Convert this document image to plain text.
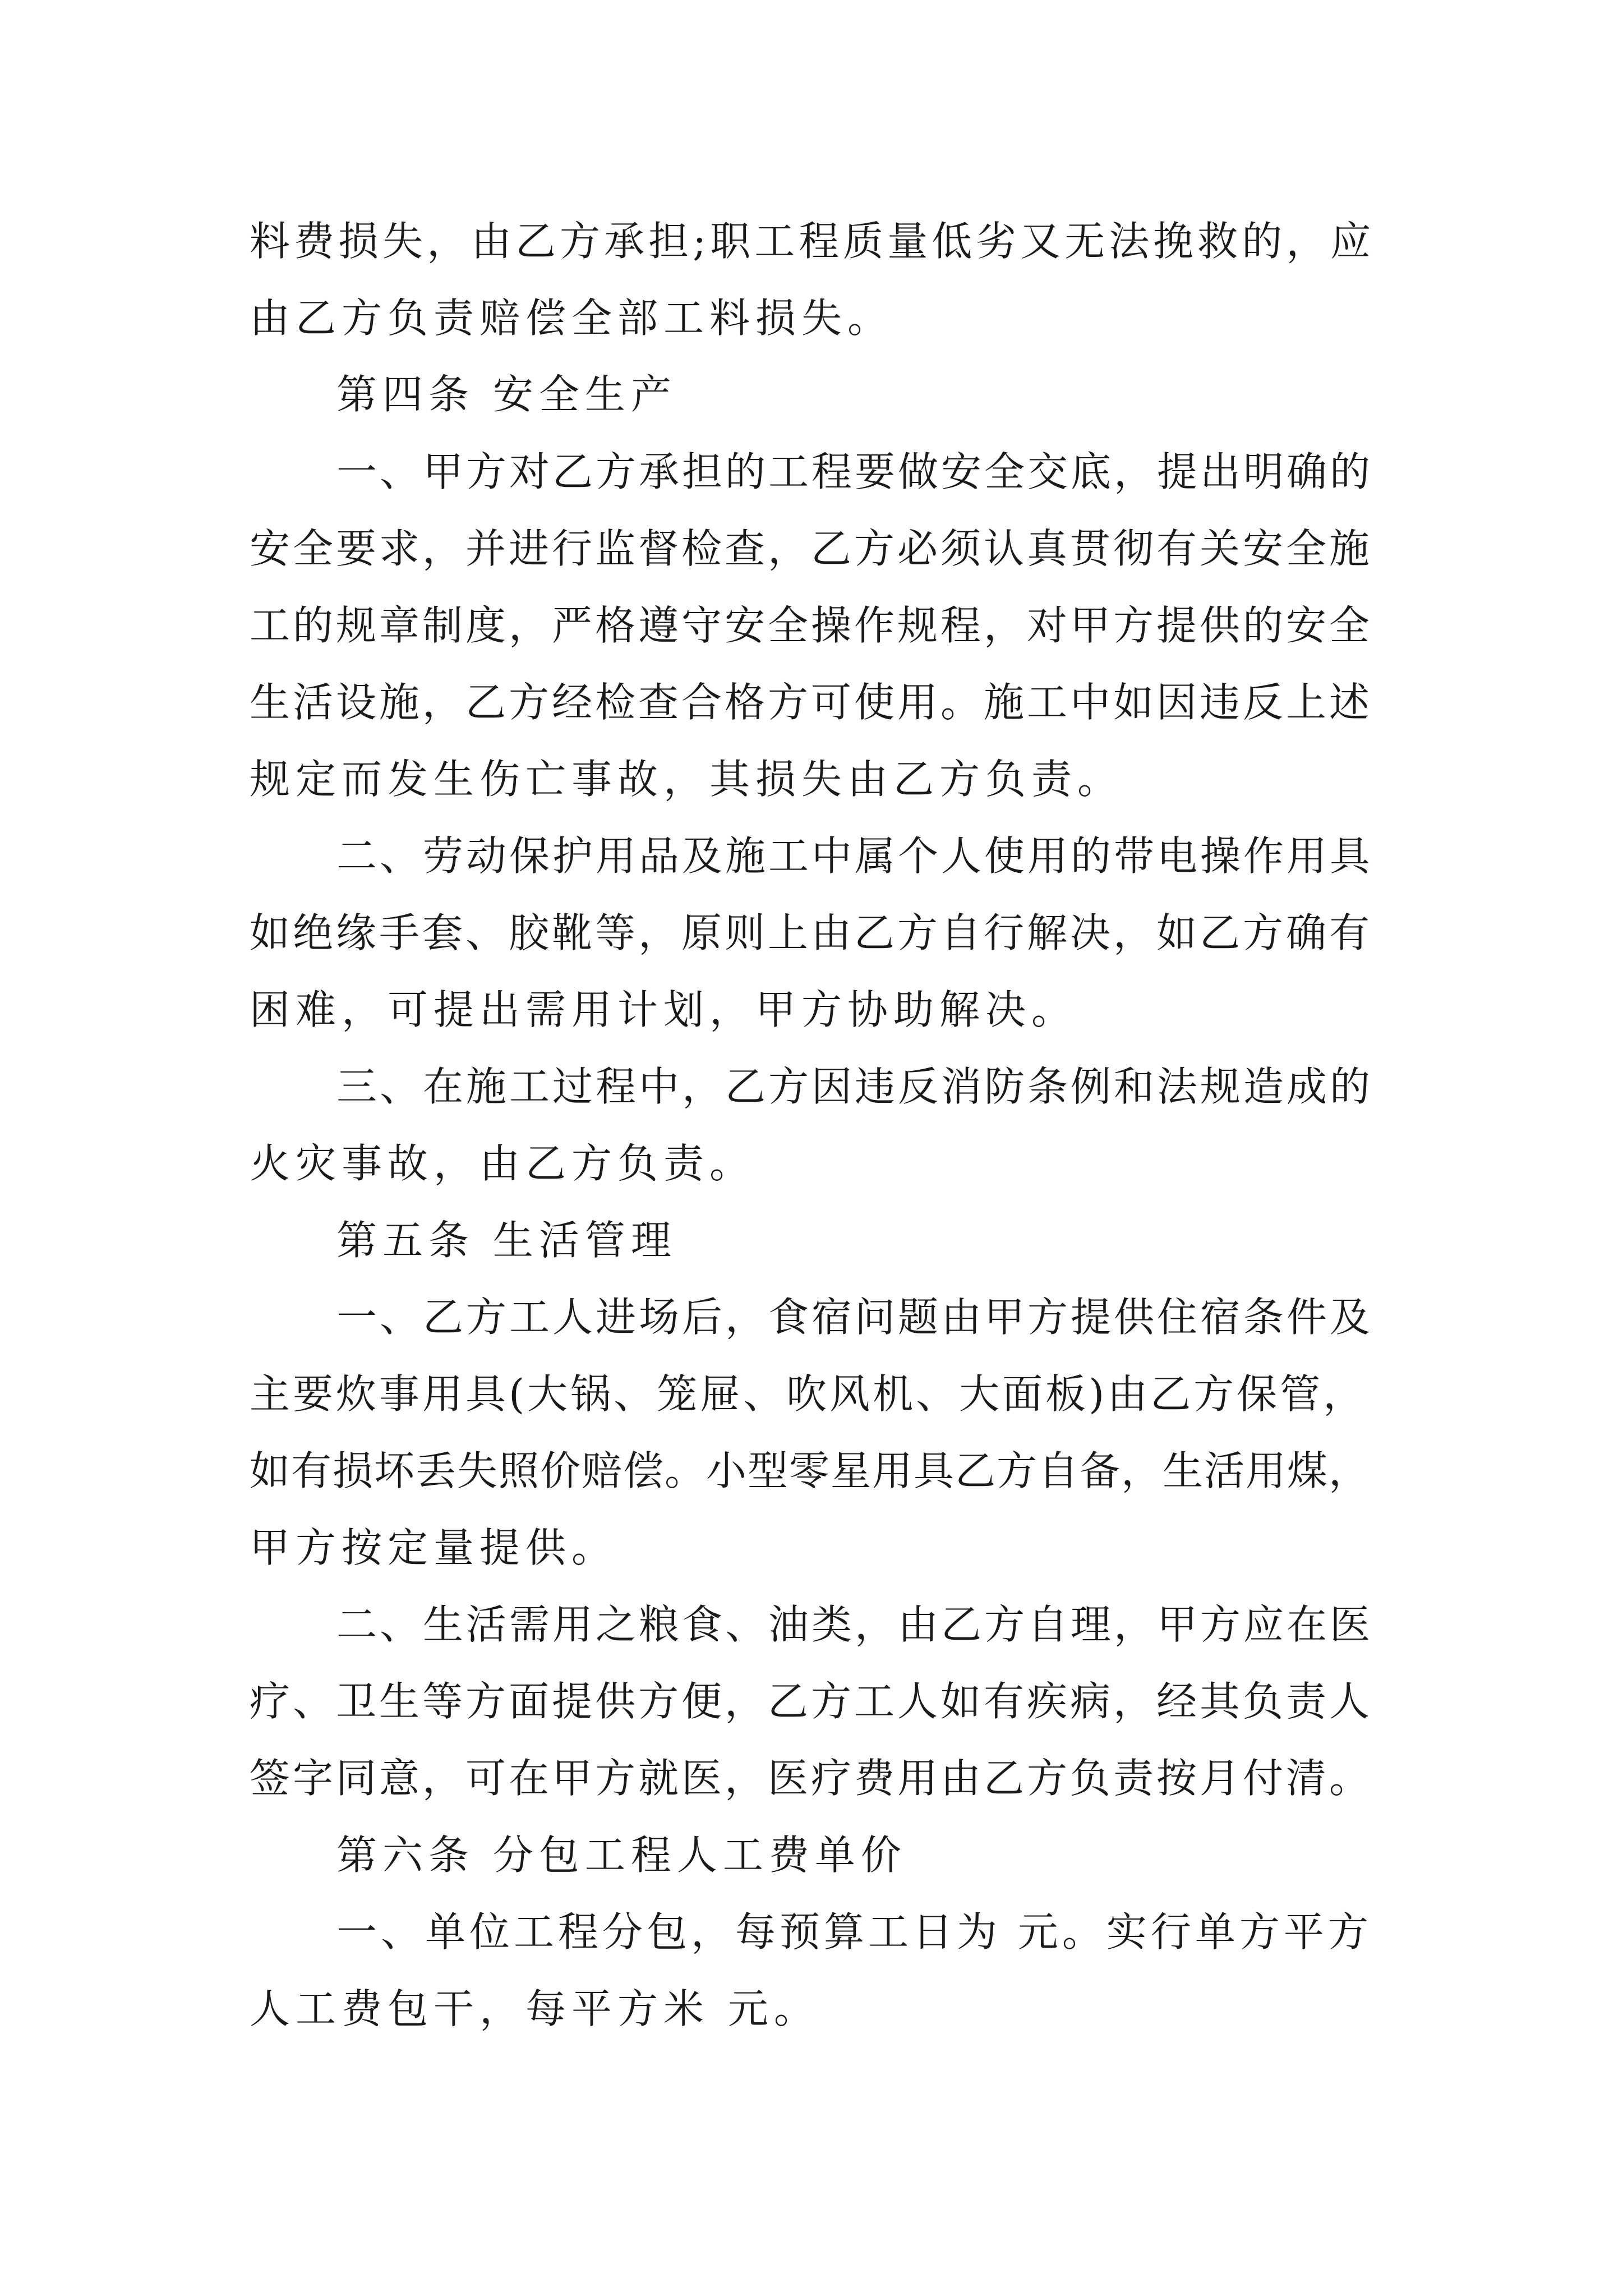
料费损失，由乙方承担;职工程质量低劣又无法挽救的，应
由乙方负责赔偿全部工料损失。
第四条 安全生产
一、甲方对乙方承担的工程要做安全交底，提出明确的
安全要求，并进行监督检查，乙方必须认真贯彻有关安全施
工的规章制度，严格遵守安全操作规程，对甲方提供的安全
生活设施，乙方经检查合格方可使用。施工中如因违反上述
规定而发生伤亡事故，其损失由乙方负责。
二、劳动保护用品及施工中属个人使用的带电操作用具
如绝缘手套、胶靴等，原则上由乙方自行解决，如乙方确有
困难，可提出需用计划，甲方协助解决。
三、在施工过程中，乙方因违反消防条例和法规造成的
火灾事故，由乙方负责。
第五条 生活管理
一、乙方工人进场后，食宿问题由甲方提供住宿条件及
主要炊事用具(大锅、笼屉、吹风机、大面板)由乙方保管，
如有损坏丢失照价赔偿。小型零星用具乙方自备，生活用煤，
甲方按定量提供。
二、生活需用之粮食、油类，由乙方自理，甲方应在医
疗、卫生等方面提供方便，乙方工人如有疾病，经其负责人
签字同意，可在甲方就医，医疗费用由乙方负责按月付清。
第六条 分包工程人工费单价
一、单位工程分包，每预算工日为 元。实行单方平方
人工费包干，每平方米 元。
